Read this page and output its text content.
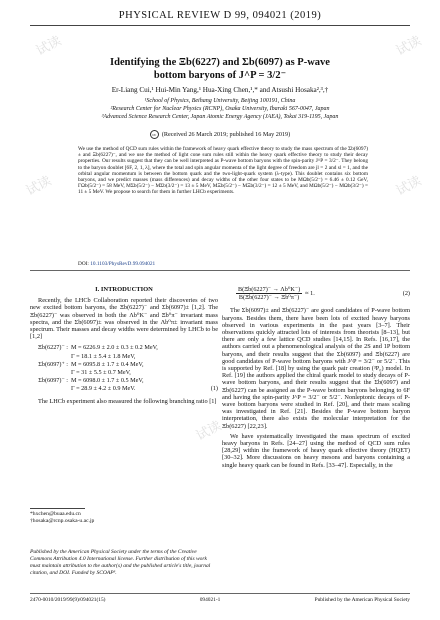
试读	试读
试读	试读
试读
PHYSICAL REVIEW D 99, 094021 (2019)
Identifying the Ξb(6227) and Σb(6097) as P-wave
bottom baryons of J^P = 3/2⁻
Er-Liang Cui,¹ Hui-Min Yang,¹ Hua-Xing Chen,¹,* and Atsushi Hosaka²,³,†
¹School of Physics, Beihang University, Beijing 100191, China
²Research Center for Nuclear Physics (RCNP), Osaka University, Ibaraki 567-0047, Japan
³Advanced Science Research Center, Japan Atomic Energy Agency (JAEA), Tokai 319-1195, Japan
cc (Received 26 March 2019; published 16 May 2019)
We use the method of QCD sum rules within the framework of heavy quark effective theory to study the mass spectrum of the Σb(6097)± and Ξb(6227)⁻, and we use the method of light cone sum rules still within the heavy quark effective theory to study their decay properties. Our results suggest that they can be well interpreted as P-wave bottom baryons with the spin-parity J^P = 3/2⁻. They belong to the baryon doublet [6F, 2, 1, λ], where the total and spin angular momenta of the light degree of freedom are jl = 2 and sl = 1, and the orbital angular momentum is between the bottom quark and the two-light-quark system (λ-type). This doublet contains six bottom baryons, and we predict masses (mass differences) and decay widths of the other four states to be MΩb(5/2⁻) = 6.46 ± 0.12 GeV, ΓΩb(5/2⁻) = 58 MeV, MΣb(5/2⁻) − MΣb(3/2⁻) = 13 ± 5 MeV, MΞb(5/2⁻) − MΞb(3/2⁻) = 12 ± 5 MeV, and MΩb(5/2⁻) − MΩb(3/2⁻) = 11 ± 5 MeV. We propose to search for them in further LHCb experiments.
DOI: 10.1103/PhysRevD.99.094021
I. INTRODUCTION

Recently, the LHCb Collaboration reported their discoveries of two new excited bottom baryons, the Ξb(6227)⁻ and Σb(6097)± [1,2]. The Ξb(6227)⁻ was observed in both the Λb⁰K⁻ and Ξb⁰π⁻ invariant mass spectra, and the Σb(6097)± was observed in the Λb⁰π± invariant mass spectrum. Their masses and decay widths were determined by LHCb to be [1,2]

Ξb(6227)⁻ : M = 6226.9 ± 2.0 ± 0.3 ± 0.2 MeV,
Γ = 18.1 ± 5.4 ± 1.8 MeV,
Σb(6097)⁺ : M = 6095.8 ± 1.7 ± 0.4 MeV,
Γ = 31 ± 5.5 ± 0.7 MeV,
Σb(6097)⁻ : M = 6098.0 ± 1.7 ± 0.5 MeV,
Γ = 28.9 ± 4.2 ± 0.9 MeV.	(1)

The LHCb experiment also measured the following branching ratio [1]

*hxchen@buaa.edu.cn
†hosaka@rcnp.osaka-u.ac.jp
Published by the American Physical Society under the terms of the Creative Commons Attribution 4.0 International license. Further distribution of this work must maintain attribution to the author(s) and the published article's title, journal citation, and DOI. Funded by SCOAP³.
$\frac{\text{B(Ξb(6227)⁻ → Λb⁰K⁻)}}{\text{B(Ξb(6227)⁻ → Ξb⁰π⁻)}} \approx 1$.	(2)

The Σb(6097)± and Ξb(6227)⁻ are good candidates of P-wave bottom baryons. Besides them, there have been lots of excited heavy baryons observed in various experiments in the past years [3–7]. Their observations quickly attracted lots of interests from theorists [8–13], but there are only a few lattice QCD studies [14,15]. In Refs. [16,17], the authors carried out a phenomenological analysis of the 2S and 1P bottom baryons, and their results suggest that the Σb(6097) and Ξb(6227) are good candidates of P-wave bottom baryons with J^P = 3/2⁻ or 5/2⁻. This is supported by Ref. [18] by using the quark pair creation (³P₀) model. In Ref. [19] the authors applied the chiral quark model to study decays of P-wave bottom baryons, and their results suggest that the Σb(6097) and Ξb(6227) can be assigned as the P-wave bottom baryons belonging to 6F and having the spin-parity J^P = 3/2⁻ or 5/2⁻. Nonleptonic decays of P-wave bottom baryons were studied in Ref. [20], and their mass scaling was investigated in Ref. [21]. Besides the P-wave bottom baryon interpretation, there also exists the molecular interpretation for the Ξb(6227) [22,23].

We have systematically investigated the mass spectrum of excited heavy baryons in Refs. [24–27] using the method of QCD sum rules [28,29] within the framework of heavy quark effective theory (HQET) [30–32]. More discussions on heavy mesons and baryons containing a single heavy quark can be found in Refs. [33–47]. Especially, in the

2470-0010/2019/99(9)/094021(15)	094021-1	Published by the American Physical Society
